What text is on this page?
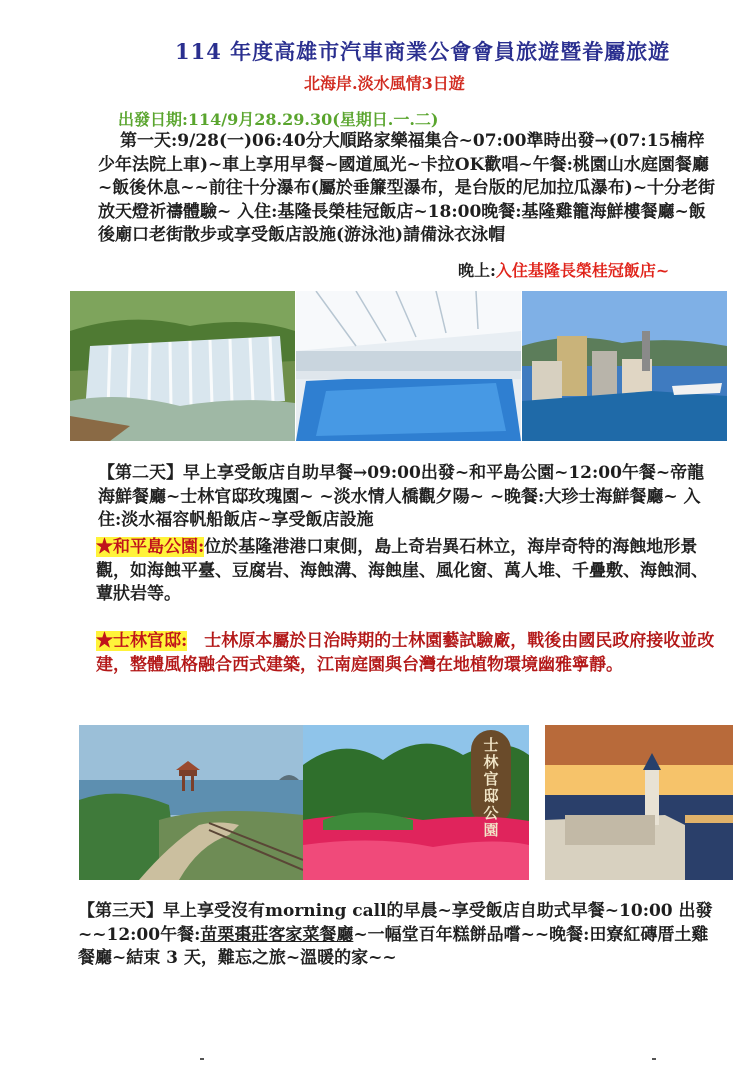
114 年度高雄市汽車商業公會會員旅遊暨眷屬旅遊
北海岸.淡水風情3日遊
出發日期:114/9月28.29.30(星期日.一.二)
第一天:9/28(一)06:40分大順路家樂福集合~07:00準時出發→(07:15楠梓少年法院上車)~車上享用早餐~國道風光~卡拉OK歡唱~午餐:桃園山水庭園餐廳~飯後休息~~前往十分瀑布(屬於垂簾型瀑布，是台版的尼加拉瓜瀑布)~十分老街放天燈祈禱體驗~ 入住:基隆長榮桂冠飯店~18:00晚餐:基隆雞籠海鮮樓餐廳~飯後廟口老街散步或享受飯店設施(游泳池)請備泳衣泳帽
晚上:入住基隆長榮桂冠飯店~
【第二天】早上享受飯店自助早餐→09:00出發~和平島公園~12:00午餐~帝龍　海鮮餐廳~士林官邸玫瑰園~ ~淡水情人橋觀夕陽~ ~晚餐:大珍士海鮮餐廳~ 入住:淡水福容帆船飯店~享受飯店設施
★和平島公園:位於基隆港港口東側，島上奇岩異石林立，海岸奇特的海蝕地形景觀，如海蝕平臺、豆腐岩、海蝕溝、海蝕崖、風化窗、萬人堆、千疊敷、海蝕洞、蕈狀岩等。
★士林官邸:　 士林原本屬於日治時期的士林園藝試驗廠，戰後由國民政府接收並改建，整體風格融合西式建築，江南庭園與台灣在地植物環境幽雅寧靜。
士林官邸公園
【第三天】早上享受沒有morning call的早晨~享受飯店自助式早餐~10:00 出發~~12:00午餐:苗栗棗莊客家菜餐廳~一幅堂百年糕餅品嚐~~晚餐:田寮紅磚厝土雞餐廳~結束 3 天，難忘之旅~溫暖的家~~
